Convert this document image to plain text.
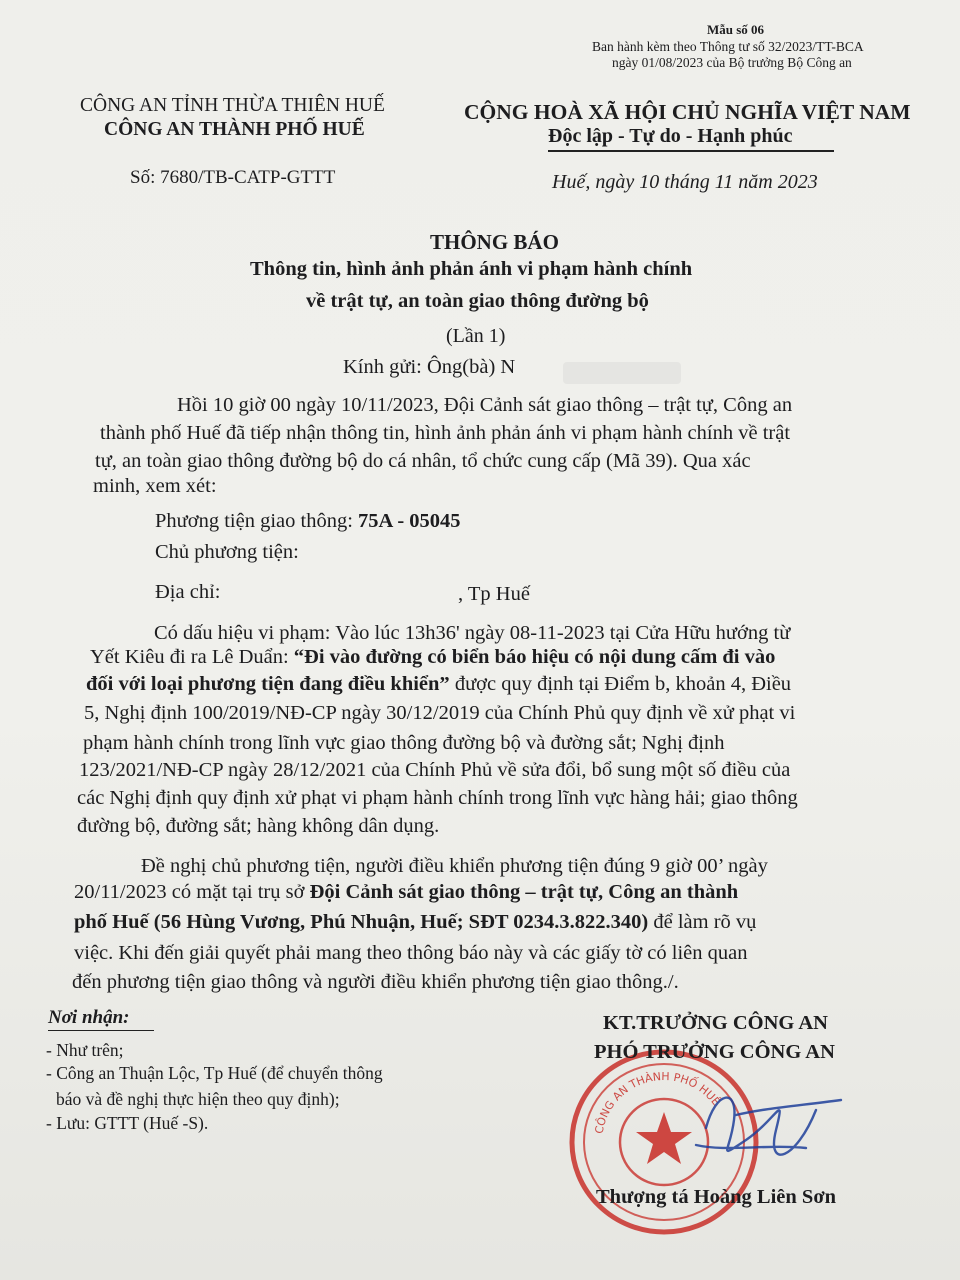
Mẫu số 06
Ban hành kèm theo Thông tư số 32/2023/TT-BCA
ngày 01/08/2023 của Bộ trưởng Bộ Công an
CÔNG AN TỈNH THỪA THIÊN HUẾ
CÔNG AN THÀNH PHỐ HUẾ
Số: 7680/TB-CATP-GTTT
CỘNG HOÀ XÃ HỘI CHỦ NGHĨA VIỆT NAM
Độc lập - Tự do - Hạnh phúc
Huế, ngày 10 tháng 11 năm 2023
THÔNG BÁO
Thông tin, hình ảnh phản ánh vi phạm hành chính
về trật tự, an toàn giao thông đường bộ
(Lần 1)
Kính gửi: Ông(bà) N
Hồi 10 giờ 00 ngày 10/11/2023, Đội Cảnh sát giao thông – trật tự, Công an
thành phố Huế đã tiếp nhận thông tin, hình ảnh phản ánh vi phạm hành chính về trật
tự, an toàn giao thông đường bộ do cá nhân, tổ chức cung cấp (Mã 39). Qua xác
minh, xem xét:
Phương tiện giao thông: 75A - 05045
Chủ phương tiện:
Địa chỉ:	, Tp Huế
Có dấu hiệu vi phạm: Vào lúc 13h36' ngày 08-11-2023 tại Cửa Hữu hướng từ
Yết Kiêu đi ra Lê Duẩn: “Đi vào đường có biển báo hiệu có nội dung cấm đi vào
đối với loại phương tiện đang điều khiển” được quy định tại Điểm b, khoản 4, Điều
5, Nghị định 100/2019/NĐ-CP ngày 30/12/2019 của Chính Phủ quy định về xử phạt vi
phạm hành chính trong lĩnh vực giao thông đường bộ và đường sắt; Nghị định
123/2021/NĐ-CP ngày 28/12/2021 của Chính Phủ về sửa đổi, bổ sung một số điều của
các Nghị định quy định xử phạt vi phạm hành chính trong lĩnh vực hàng hải; giao thông
đường bộ, đường sắt; hàng không dân dụng.
Đề nghị chủ phương tiện, người điều khiển phương tiện đúng 9 giờ 00’ ngày
20/11/2023 có mặt tại trụ sở Đội Cảnh sát giao thông – trật tự, Công an thành
phố Huế (56 Hùng Vương, Phú Nhuận, Huế; SĐT 0234.3.822.340) để làm rõ vụ
việc. Khi đến giải quyết phải mang theo thông báo này và các giấy tờ có liên quan
đến phương tiện giao thông và người điều khiển phương tiện giao thông./.
Nơi nhận:
- Như trên;
- Công an Thuận Lộc, Tp Huế (để chuyển thông
báo và đề nghị thực hiện theo quy định);
- Lưu: GTTT (Huế -S).	CÔNG AN THÀNH PHỐ HUẾ
KT.TRƯỞNG CÔNG AN
PHÓ TRƯỞNG CÔNG AN
Thượng tá Hoàng Liên Sơn
